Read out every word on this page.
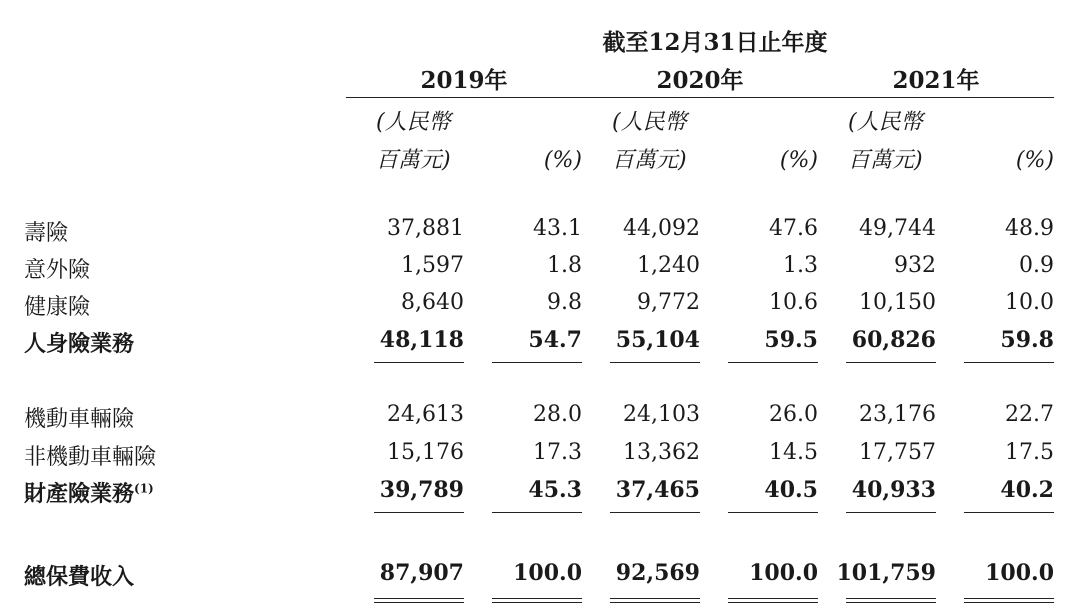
截至12月31日止年度
2019年
(人民幣
百萬元)	(%)
2020年
(人民幣
百萬元)	(%)
2021年
(人民幣
百萬元)	(%)
壽險	37,881	43.1	44,092	47.6	49,744	48.9
意外險	1,597	1.8	1,240	1.3	932	0.9
健康險	8,640	9.8	9,772	10.6	10,150	10.0
人身險業務	48,118	54.7	55,104	59.5	60,826	59.8
機動車輛險	24,613	28.0	24,103	26.0	23,176	22.7
非機動車輛險	15,176	17.3	13,362	14.5	17,757	17.5
財產險業務$^{(1)}$	39,789	45.3	37,465	40.5	40,933	40.2
總保費收入	87,907	100.0	92,569	100.0 101,759	100.0
